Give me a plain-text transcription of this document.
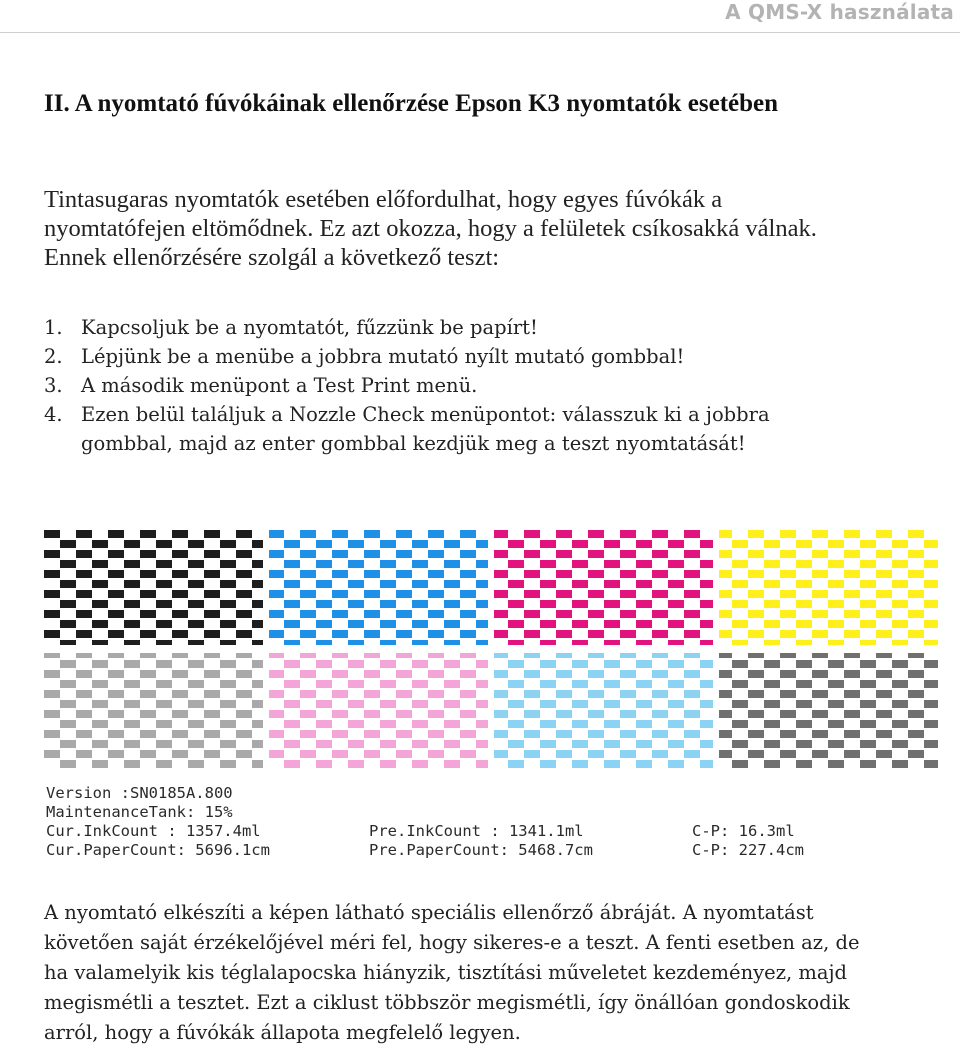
A QMS-X használata
II. A nyomtató fúvókáinak ellenőrzése Epson K3 nyomtatók esetében
Tintasugaras nyomtatók esetében előfordulhat, hogy egyes fúvókák a
nyomtatófejen eltömődnek. Ez azt okozza, hogy a felületek csíkosakká válnak.
Ennek ellenőrzésére szolgál a következő teszt:
1. Kapcsoljuk be a nyomtatót, fűzzünk be papírt!
2. Lépjünk be a menübe a jobbra mutató nyílt mutató gombbal!
3. A második menüpont a Test Print menü.
4. Ezen belül találjuk a Nozzle Check menüpontot: válasszuk ki a jobbra
gombbal, majd az enter gombbal kezdjük meg a teszt nyomtatását!
Version :SN0185A.800
MaintenanceTank: 15%
Cur.InkCount : 1357.4ml
Cur.PaperCount: 5696.1cm
Pre.InkCount : 1341.1ml
Pre.PaperCount: 5468.7cm
C-P: 16.3ml
C-P: 227.4cm
A nyomtató elkészíti a képen látható speciális ellenőrző ábráját. A nyomtatást
követően saját érzékelőjével méri fel, hogy sikeres-e a teszt. A fenti esetben az, de
ha valamelyik kis téglalapocska hiányzik, tisztítási műveletet kezdeményez, majd
megismétli a tesztet. Ezt a ciklust többször megismétli, így önállóan gondoskodik
arról, hogy a fúvókák állapota megfelelő legyen.
